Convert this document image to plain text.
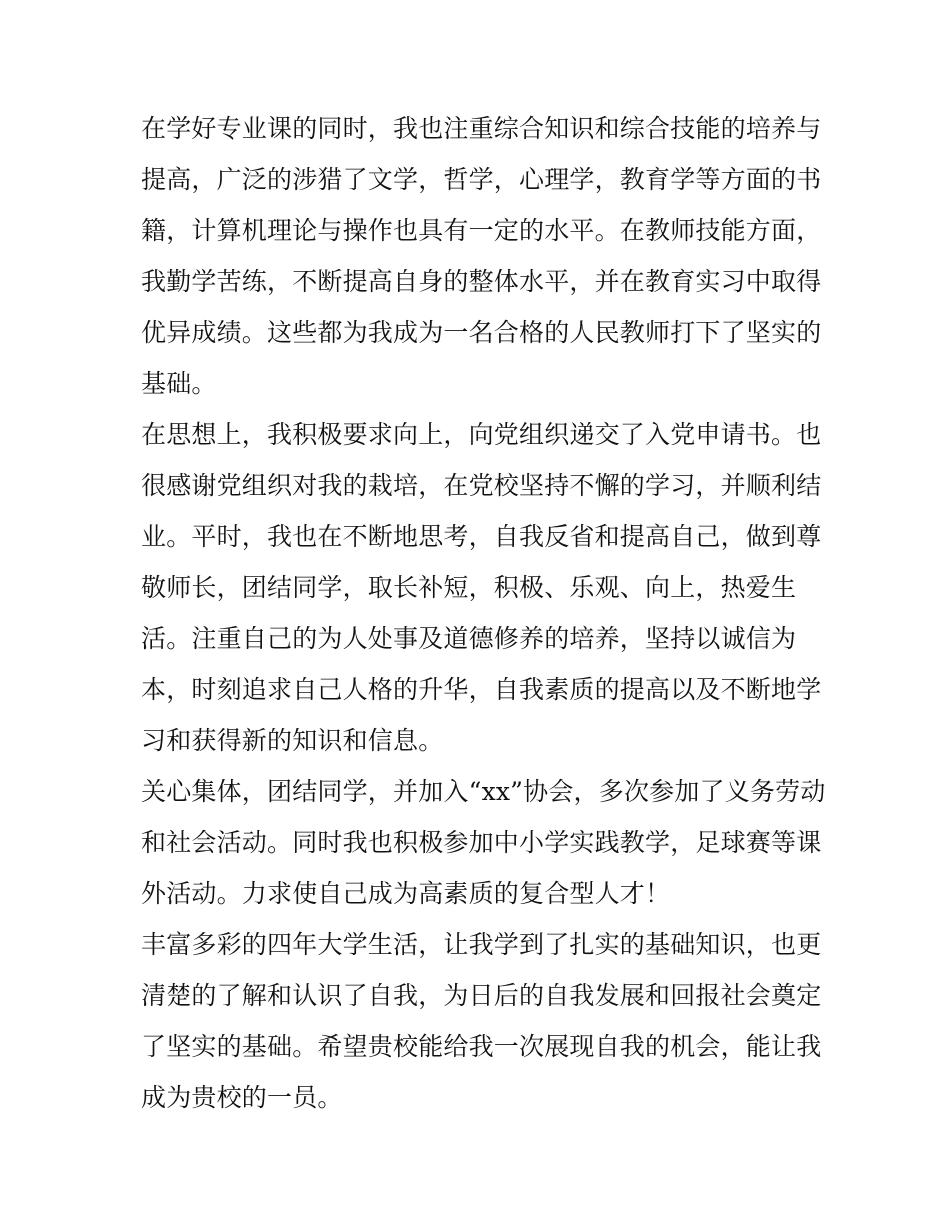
在学好专业课的同时，我也注重综合知识和综合技能的培养与
提高，广泛的涉猎了文学，哲学，心理学，教育学等方面的书
籍，计算机理论与操作也具有一定的水平。在教师技能方面，
我勤学苦练，不断提高自身的整体水平，并在教育实习中取得
优异成绩。这些都为我成为一名合格的人民教师打下了坚实的
基础。
在思想上，我积极要求向上，向党组织递交了入党申请书。也
很感谢党组织对我的栽培，在党校坚持不懈的学习，并顺利结
业。平时，我也在不断地思考，自我反省和提高自己，做到尊
敬师长，团结同学，取长补短，积极、乐观、向上，热爱生
活。注重自己的为人处事及道德修养的培养，坚持以诚信为
本，时刻追求自己人格的升华，自我素质的提高以及不断地学
习和获得新的知识和信息。
关心集体，团结同学，并加入“xx”协会，多次参加了义务劳动
和社会活动。同时我也积极参加中小学实践教学，足球赛等课
外活动。力求使自己成为高素质的复合型人才！
丰富多彩的四年大学生活，让我学到了扎实的基础知识，也更
清楚的了解和认识了自我，为日后的自我发展和回报社会奠定
了坚实的基础。希望贵校能给我一次展现自我的机会，能让我
成为贵校的一员。
